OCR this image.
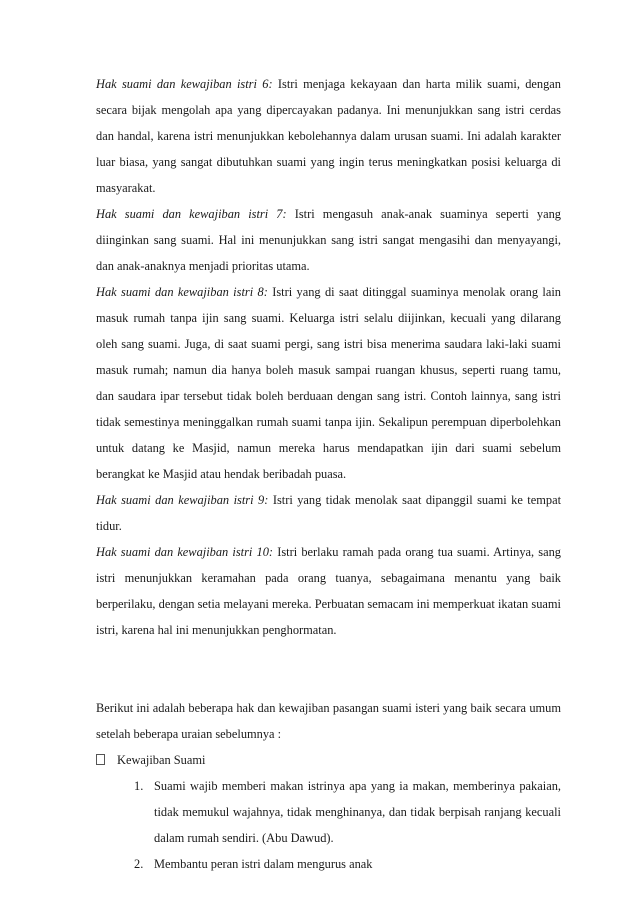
Hak suami dan kewajiban istri 6: Istri menjaga kekayaan dan harta milik suami, dengan secara bijak mengolah apa yang dipercayakan padanya. Ini menunjukkan sang istri cerdas dan handal, karena istri menunjukkan kebolehannya dalam urusan suami. Ini adalah karakter luar biasa, yang sangat dibutuhkan suami yang ingin terus meningkatkan posisi keluarga di masyarakat.

Hak suami dan kewajiban istri 7: Istri mengasuh anak-anak suaminya seperti yang diinginkan sang suami. Hal ini menunjukkan sang istri sangat mengasihi dan menyayangi, dan anak-anaknya menjadi prioritas utama.

Hak suami dan kewajiban istri 8: Istri yang di saat ditinggal suaminya menolak orang lain masuk rumah tanpa ijin sang suami. Keluarga istri selalu diijinkan, kecuali yang dilarang oleh sang suami. Juga, di saat suami pergi, sang istri bisa menerima saudara laki-laki suami masuk rumah; namun dia hanya boleh masuk sampai ruangan khusus, seperti ruang tamu, dan saudara ipar tersebut tidak boleh berduaan dengan sang istri. Contoh lainnya, sang istri tidak semestinya meninggalkan rumah suami tanpa ijin. Sekalipun perempuan diperbolehkan untuk datang ke Masjid, namun mereka harus mendapatkan ijin dari suami sebelum berangkat ke Masjid atau hendak beribadah puasa.

Hak suami dan kewajiban istri 9: Istri yang tidak menolak saat dipanggil suami ke tempat tidur.

Hak suami dan kewajiban istri 10: Istri berlaku ramah pada orang tua suami. Artinya, sang istri menunjukkan keramahan pada orang tuanya, sebagaimana menantu yang baik berperilaku, dengan setia melayani mereka. Perbuatan semacam ini memperkuat ikatan suami istri, karena hal ini menunjukkan penghormatan.

Berikut ini adalah beberapa hak dan kewajiban pasangan suami isteri yang baik secara umum setelah beberapa uraian sebelumnya :

Kewajiban Suami
1. Suami wajib memberi makan istrinya apa yang ia makan, memberinya pakaian, tidak memukul wajahnya, tidak menghinanya, dan tidak berpisah ranjang kecuali dalam rumah sendiri. (Abu Dawud).
2. Membantu peran istri dalam mengurus anak
